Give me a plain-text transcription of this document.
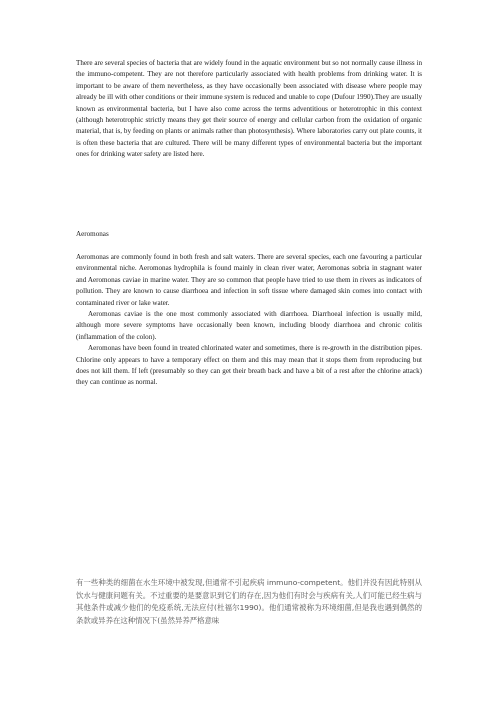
There are several species of bacteria that are widely found in the aquatic environment but so not normally cause illness in the immuno-competent. They are not therefore particularly associated with health problems from drinking water. It is important to be aware of them nevertheless, as they have occasionally been associated with disease where people may already be ill with other conditions or their immune system is reduced and unable to cope (Dufour 1990).They are usually known as environmental bacteria, but I have also come across the terms adventitious or heterotrophic in this context (although heterotrophic strictly means they get their source of energy and cellular carbon from the oxidation of organic material, that is, by feeding on plants or animals rather than photosynthesis). Where laboratories carry out plate counts, it is often these bacteria that are cultured. There will be many different types of environmental bacteria but the important ones for drinking water safety are listed here.

Aeromonas

Aeromonas are commonly found in both fresh and salt waters. There are several species, each one favouring a particular environmental niche. Aeromonas hydrophila is found mainly in clean river water, Aeromonas sobria in stagnant water and Aeromonas caviae in marine water. They are so common that people have tried to use them in rivers as indicators of pollution. They are known to cause diarrhoea and infection in soft tissue where damaged skin comes into contact with contaminated river or lake water.

Aeromonas caviae is the one most commonly associated with diarrhoea. Diarrhoeal infection is usually mild, although more severe symptoms have occasionally been known, including bloody diarrhoea and chronic colitis (inflammation of the colon).

Aeromonas have been found in treated chlorinated water and sometimes, there is re-growth in the distribution pipes. Chlorine only appears to have a temporary effect on them and this may mean that it stops them from reproducing but does not kill them. If left (presumably so they can get their breath back and have a bit of a rest after the chlorine attack) they can continue as normal.

有一些种类的细菌在水生环境中被发现,但通常不引起疾病 immuno-competent。他们并没有因此特别从饮水与健康问题有关。不过重要的是要意识到它们的存在,因为他们有时会与疾病有关,人们可能已经生病与其他条件或减少他们的免疫系统,无法应付(杜福尔1990)。他们通常被称为环境细菌,但是我也遇到偶然的条款或异养在这种情况下(虽然异养严格意味
